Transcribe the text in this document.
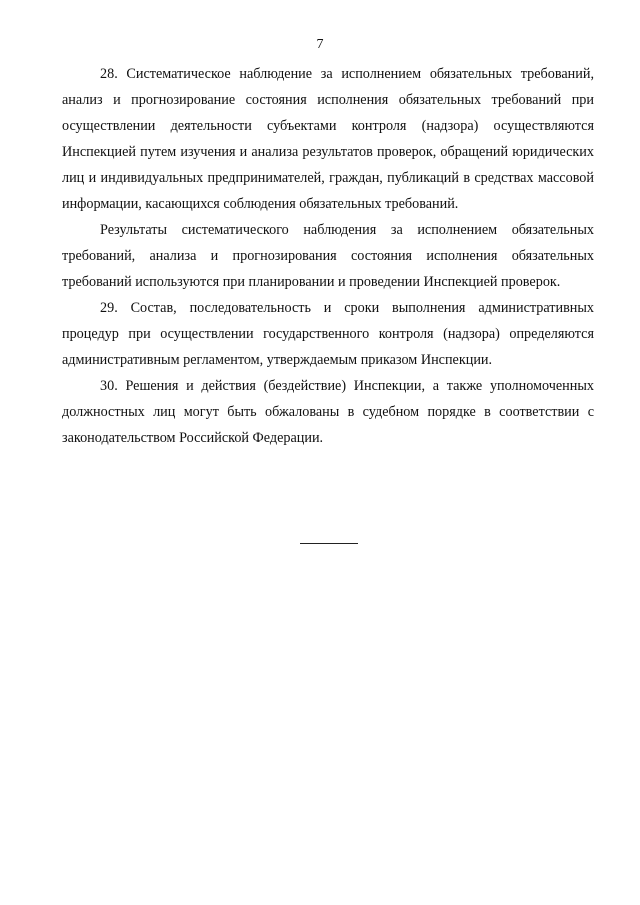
7

28. Систематическое наблюдение за исполнением обязательных требований, анализ и прогнозирование состояния исполнения обязательных требований при осуществлении деятельности субъектами контроля (надзора) осуществляются Инспекцией путем изучения и анализа результатов проверок, обращений юридических лиц и индивидуальных предпринимателей, граждан, публикаций в средствах массовой информации, касающихся соблюдения обязательных требований.

Результаты систематического наблюдения за исполнением обязательных требований, анализа и прогнозирования состояния исполнения обязательных требований используются при планировании и проведении Инспекцией проверок.

29. Состав, последовательность и сроки выполнения административных процедур при осуществлении государственного контроля (надзора) определяются административным регламентом, утверждаемым приказом Инспекции.

30. Решения и действия (бездействие) Инспекции, а также уполномоченных должностных лиц могут быть обжалованы в судебном порядке в соответствии с законодательством Российской Федерации.
